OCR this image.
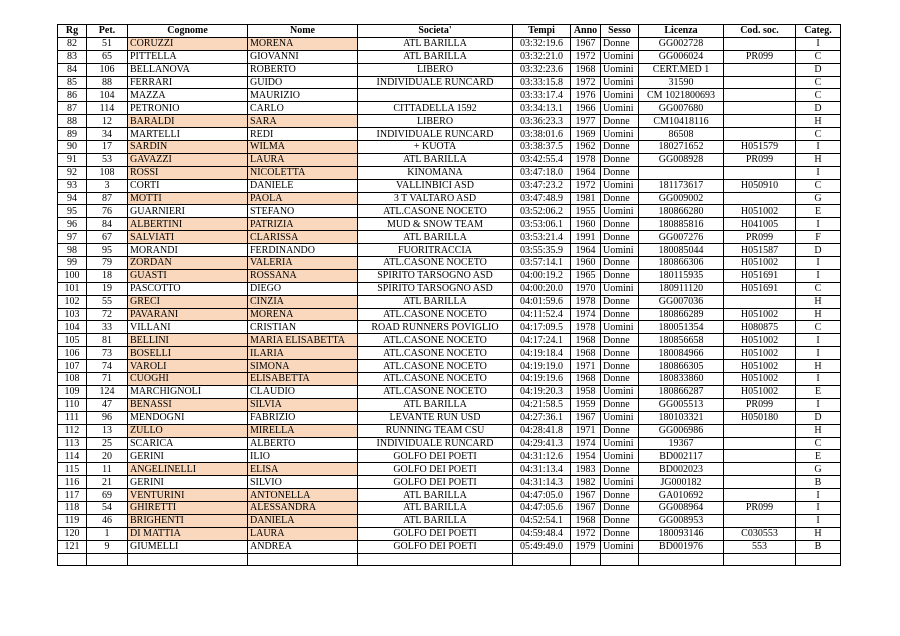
Rg	Pet.	Cognome	Nome	Societa'	Tempi	Anno	Sesso	Licenza	Cod. soc.	Categ.
82	51	CORUZZI	MORENA	ATL BARILLA	03:32:19.6	1967	Donne	GG002728		I
83	65	PITTELLA	GIOVANNI	ATL BARILLA	03:32:21.0	1972	Uomini	GG006024	PR099	C
84	106	BELLANOVA	ROBERTO	LIBERO	03:32:23.6	1968	Uomini	CERT.MED 1		D
85	88	FERRARI	GUIDO	INDIVIDUALE RUNCARD	03:33:15.8	1972	Uomini	31590		C
86	104	MAZZA	MAURIZIO		03:33:17.4	1976	Uomini	CM 1021800693		C
87	114	PETRONIO	CARLO	CITTADELLA 1592	03:34:13.1	1966	Uomini	GG007680		D
88	12	BARALDI	SARA	LIBERO	03:36:23.3	1977	Donne	CM10418116		H
89	34	MARTELLI	REDI	INDIVIDUALE RUNCARD	03:38:01.6	1969	Uomini	86508		C
90	17	SARDIN	WILMA	+ KUOTA	03:38:37.5	1962	Donne	180271652	H051579	I
91	53	GAVAZZI	LAURA	ATL BARILLA	03:42:55.4	1978	Donne	GG008928	PR099	H
92	108	ROSSI	NICOLETTA	KINOMANA	03:47:18.0	1964	Donne			I
93	3	CORTI	DANIELE	VALLINBICI ASD	03:47:23.2	1972	Uomini	181173617	H050910	C
94	87	MOTTI	PAOLA	3 T VALTARO ASD	03:47:48.9	1981	Donne	GG009002		G
95	76	GUARNIERI	STEFANO	ATL.CASONE NOCETO	03:52:06.2	1955	Uomini	180866280	H051002	E
96	84	ALBERTINI	PATRIZIA	MUD & SNOW TEAM	03:53:06.1	1960	Donne	180885816	H041005	I
97	67	SALVIATI	CLARISSA	ATL BARILLA	03:53:21.4	1991	Donne	GG007276	PR099	F
98	95	MORANDI	FERDINANDO	FUORITRACCIA	03:55:35.9	1964	Uomini	180085044	H051587	D
99	79	ZORDAN	VALERIA	ATL.CASONE NOCETO	03:57:14.1	1960	Donne	180866306	H051002	I
100	18	GUASTI	ROSSANA	SPIRITO TARSOGNO ASD	04:00:19.2	1965	Donne	180115935	H051691	I
101	19	PASCOTTO	DIEGO	SPIRITO TARSOGNO ASD	04:00:20.0	1970	Uomini	180911120	H051691	C
102	55	GRECI	CINZIA	ATL BARILLA	04:01:59.6	1978	Donne	GG007036		H
103	72	PAVARANI	MORENA	ATL.CASONE NOCETO	04:11:52.4	1974	Donne	180866289	H051002	H
104	33	VILLANI	CRISTIAN	ROAD RUNNERS POVIGLIO	04:17:09.5	1978	Uomini	180051354	H080875	C
105	81	BELLINI	MARIA ELISABETTA	ATL.CASONE NOCETO	04:17:24.1	1968	Donne	180856658	H051002	I
106	73	BOSELLI	ILARIA	ATL.CASONE NOCETO	04:19:18.4	1968	Donne	180084966	H051002	I
107	74	VAROLI	SIMONA	ATL.CASONE NOCETO	04:19:19.0	1971	Donne	180866305	H051002	H
108	71	CUOGHI	ELISABETTA	ATL.CASONE NOCETO	04:19:19.6	1968	Donne	180833860	H051002	I
109	124	MARCHIGNOLI	CLAUDIO	ATL.CASONE NOCETO	04:19:20.3	1958	Uomini	180866287	H051002	E
110	47	BENASSI	SILVIA	ATL BARILLA	04:21:58.5	1959	Donne	GG005513	PR099	I
111	96	MENDOGNI	FABRIZIO	LEVANTE RUN USD	04:27:36.1	1967	Uomini	180103321	H050180	D
112	13	ZULLO	MIRELLA	RUNNING TEAM CSU	04:28:41.8	1971	Donne	GG006986		H
113	25	SCARICA	ALBERTO	INDIVIDUALE RUNCARD	04:29:41.3	1974	Uomini	19367		C
114	20	GERINI	ILIO	GOLFO DEI POETI	04:31:12.6	1954	Uomini	BD002117		E
115	11	ANGELINELLI	ELISA	GOLFO DEI POETI	04:31:13.4	1983	Donne	BD002023		G
116	21	GERINI	SILVIO	GOLFO DEI POETI	04:31:14.3	1982	Uomini	JG000182		B
117	69	VENTURINI	ANTONELLA	ATL BARILLA	04:47:05.0	1967	Donne	GA010692		I
118	54	GHIRETTI	ALESSANDRA	ATL BARILLA	04:47:05.6	1967	Donne	GG008964	PR099	I
119	46	BRIGHENTI	DANIELA	ATL BARILLA	04:52:54.1	1968	Donne	GG008953		I
120	1	DI MATTIA	LAURA	GOLFO DEI POETI	04:59:48.4	1972	Donne	180093146	C030553	H
121	9	GIUMELLI	ANDREA	GOLFO DEI POETI	05:49:49.0	1979	Uomini	BD001976	553	B
